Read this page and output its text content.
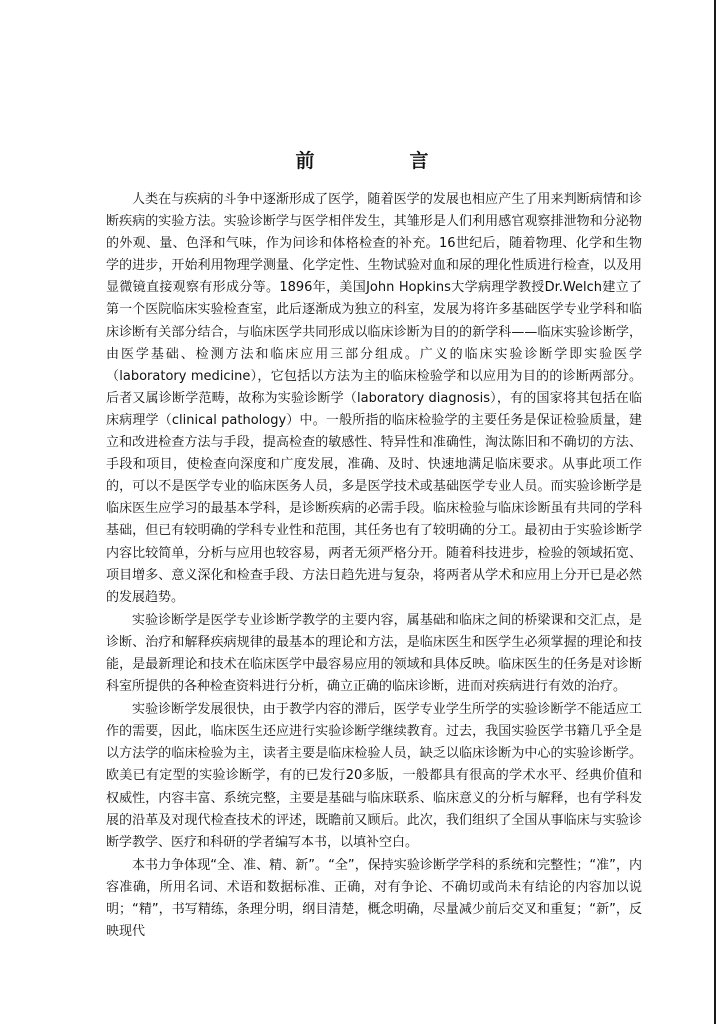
前　言

人类在与疾病的斗争中逐渐形成了医学，随着医学的发展也相应产生了用来判断病情和诊断疾病的实验方法。实验诊断学与医学相伴发生，其雏形是人们利用感官观察排泄物和分泌物的外观、量、色泽和气味，作为问诊和体格检查的补充。16世纪后，随着物理、化学和生物学的进步，开始利用物理学测量、化学定性、生物试验对血和尿的理化性质进行检查，以及用显微镜直接观察有形成分等。1896年，美国John Hopkins大学病理学教授Dr.Welch建立了第一个医院临床实验检查室，此后逐渐成为独立的科室，发展为将许多基础医学专业学科和临床诊断有关部分结合，与临床医学共同形成以临床诊断为目的的新学科——临床实验诊断学，由医学基础、检测方法和临床应用三部分组成。广义的临床实验诊断学即实验医学（laboratory medicine），它包括以方法为主的临床检验学和以应用为目的的诊断两部分。后者又属诊断学范畴，故称为实验诊断学（laboratory diagnosis），有的国家将其包括在临床病理学（clinical pathology）中。一般所指的临床检验学的主要任务是保证检验质量，建立和改进检查方法与手段，提高检查的敏感性、特异性和准确性，淘汰陈旧和不确切的方法、手段和项目，使检查向深度和广度发展，准确、及时、快速地满足临床要求。从事此项工作的，可以不是医学专业的临床医务人员，多是医学技术或基础医学专业人员。而实验诊断学是临床医生应学习的最基本学科，是诊断疾病的必需手段。临床检验与临床诊断虽有共同的学科基础，但已有较明确的学科专业性和范围，其任务也有了较明确的分工。最初由于实验诊断学内容比较简单，分析与应用也较容易，两者无须严格分开。随着科技进步，检验的领域拓宽、项目增多、意义深化和检查手段、方法日趋先进与复杂，将两者从学术和应用上分开已是必然的发展趋势。

实验诊断学是医学专业诊断学教学的主要内容，属基础和临床之间的桥梁课和交汇点，是诊断、治疗和解释疾病规律的最基本的理论和方法，是临床医生和医学生必须掌握的理论和技能，是最新理论和技术在临床医学中最容易应用的领域和具体反映。临床医生的任务是对诊断科室所提供的各种检查资料进行分析，确立正确的临床诊断，进而对疾病进行有效的治疗。

实验诊断学发展很快，由于教学内容的滞后，医学专业学生所学的实验诊断学不能适应工作的需要，因此，临床医生还应进行实验诊断学继续教育。过去，我国实验医学书籍几乎全是以方法学的临床检验为主，读者主要是临床检验人员，缺乏以临床诊断为中心的实验诊断学。欧美已有定型的实验诊断学，有的已发行20多版，一般都具有很高的学术水平、经典价值和权威性，内容丰富、系统完整，主要是基础与临床联系、临床意义的分析与解释，也有学科发展的沿革及对现代检查技术的评述，既瞻前又顾后。此次，我们组织了全国从事临床与实验诊断学教学、医疗和科研的学者编写本书，以填补空白。

本书力争体现“全、准、精、新”。“全”，保持实验诊断学学科的系统和完整性；“准”，内容准确，所用名词、术语和数据标准、正确，对有争论、不确切或尚未有结论的内容加以说明；“精”，书写精练，条理分明，纲目清楚，概念明确，尽量减少前后交叉和重复；“新”，反映现代
